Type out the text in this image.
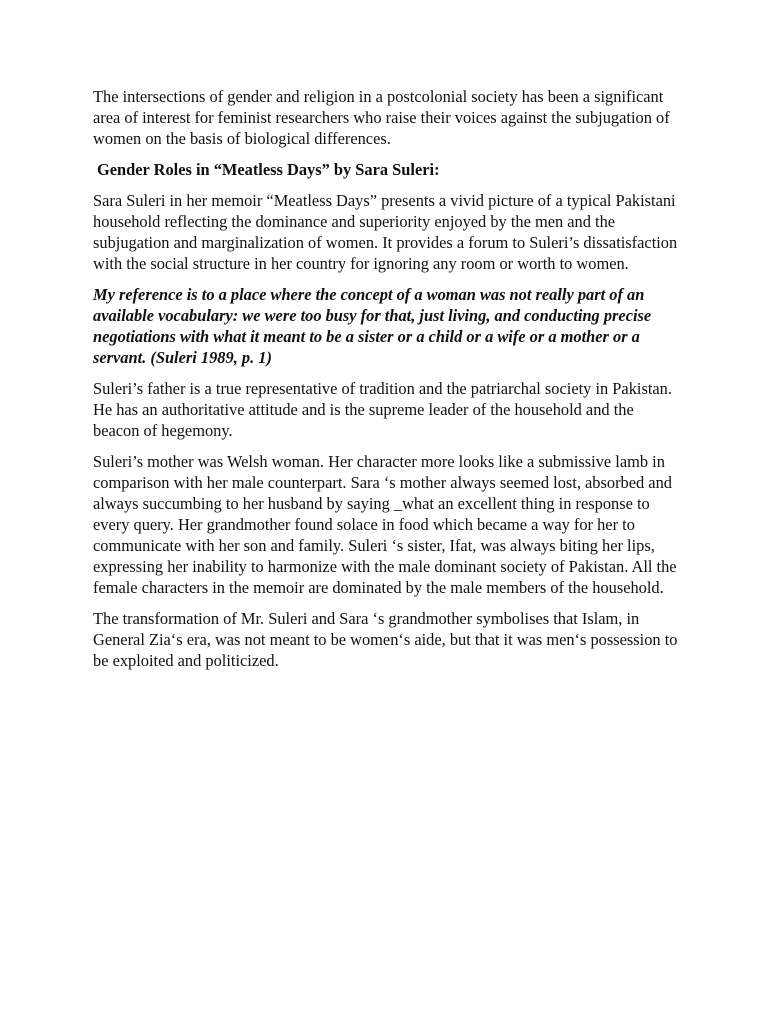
The intersections of gender and religion in a postcolonial society has been a significant area of interest for feminist researchers who raise their voices against the subjugation of women on the basis of biological differences.

Gender Roles in “Meatless Days” by Sara Suleri:

Sara Suleri in her memoir “Meatless Days” presents a vivid picture of a typical Pakistani household reflecting the dominance and superiority enjoyed by the men and the subjugation and marginalization of women. It provides a forum to Suleri’s dissatisfaction with the social structure in her country for ignoring any room or worth to women.

My reference is to a place where the concept of a woman was not really part of an available vocabulary: we were too busy for that, just living, and conducting precise negotiations with what it meant to be a sister or a child or a wife or a mother or a servant. (Suleri 1989, p. 1)

Suleri’s father is a true representative of tradition and the patriarchal society in Pakistan. He has an authoritative attitude and is the supreme leader of the household and the beacon of hegemony.

Suleri’s mother was Welsh woman. Her character more looks like a submissive lamb in comparison with her male counterpart. Sara ‘s mother always seemed lost, absorbed and always succumbing to her husband by saying _what an excellent thing in response to every query. Her grandmother found solace in food which became a way for her to communicate with her son and family. Suleri ‘s sister, Ifat, was always biting her lips, expressing her inability to harmonize with the male dominant society of Pakistan. All the female characters in the memoir are dominated by the male members of the household.

The transformation of Mr. Suleri and Sara ‘s grandmother symbolises that Islam, in General Zia‘s era, was not meant to be women‘s aide, but that it was men‘s possession to be exploited and politicized.
